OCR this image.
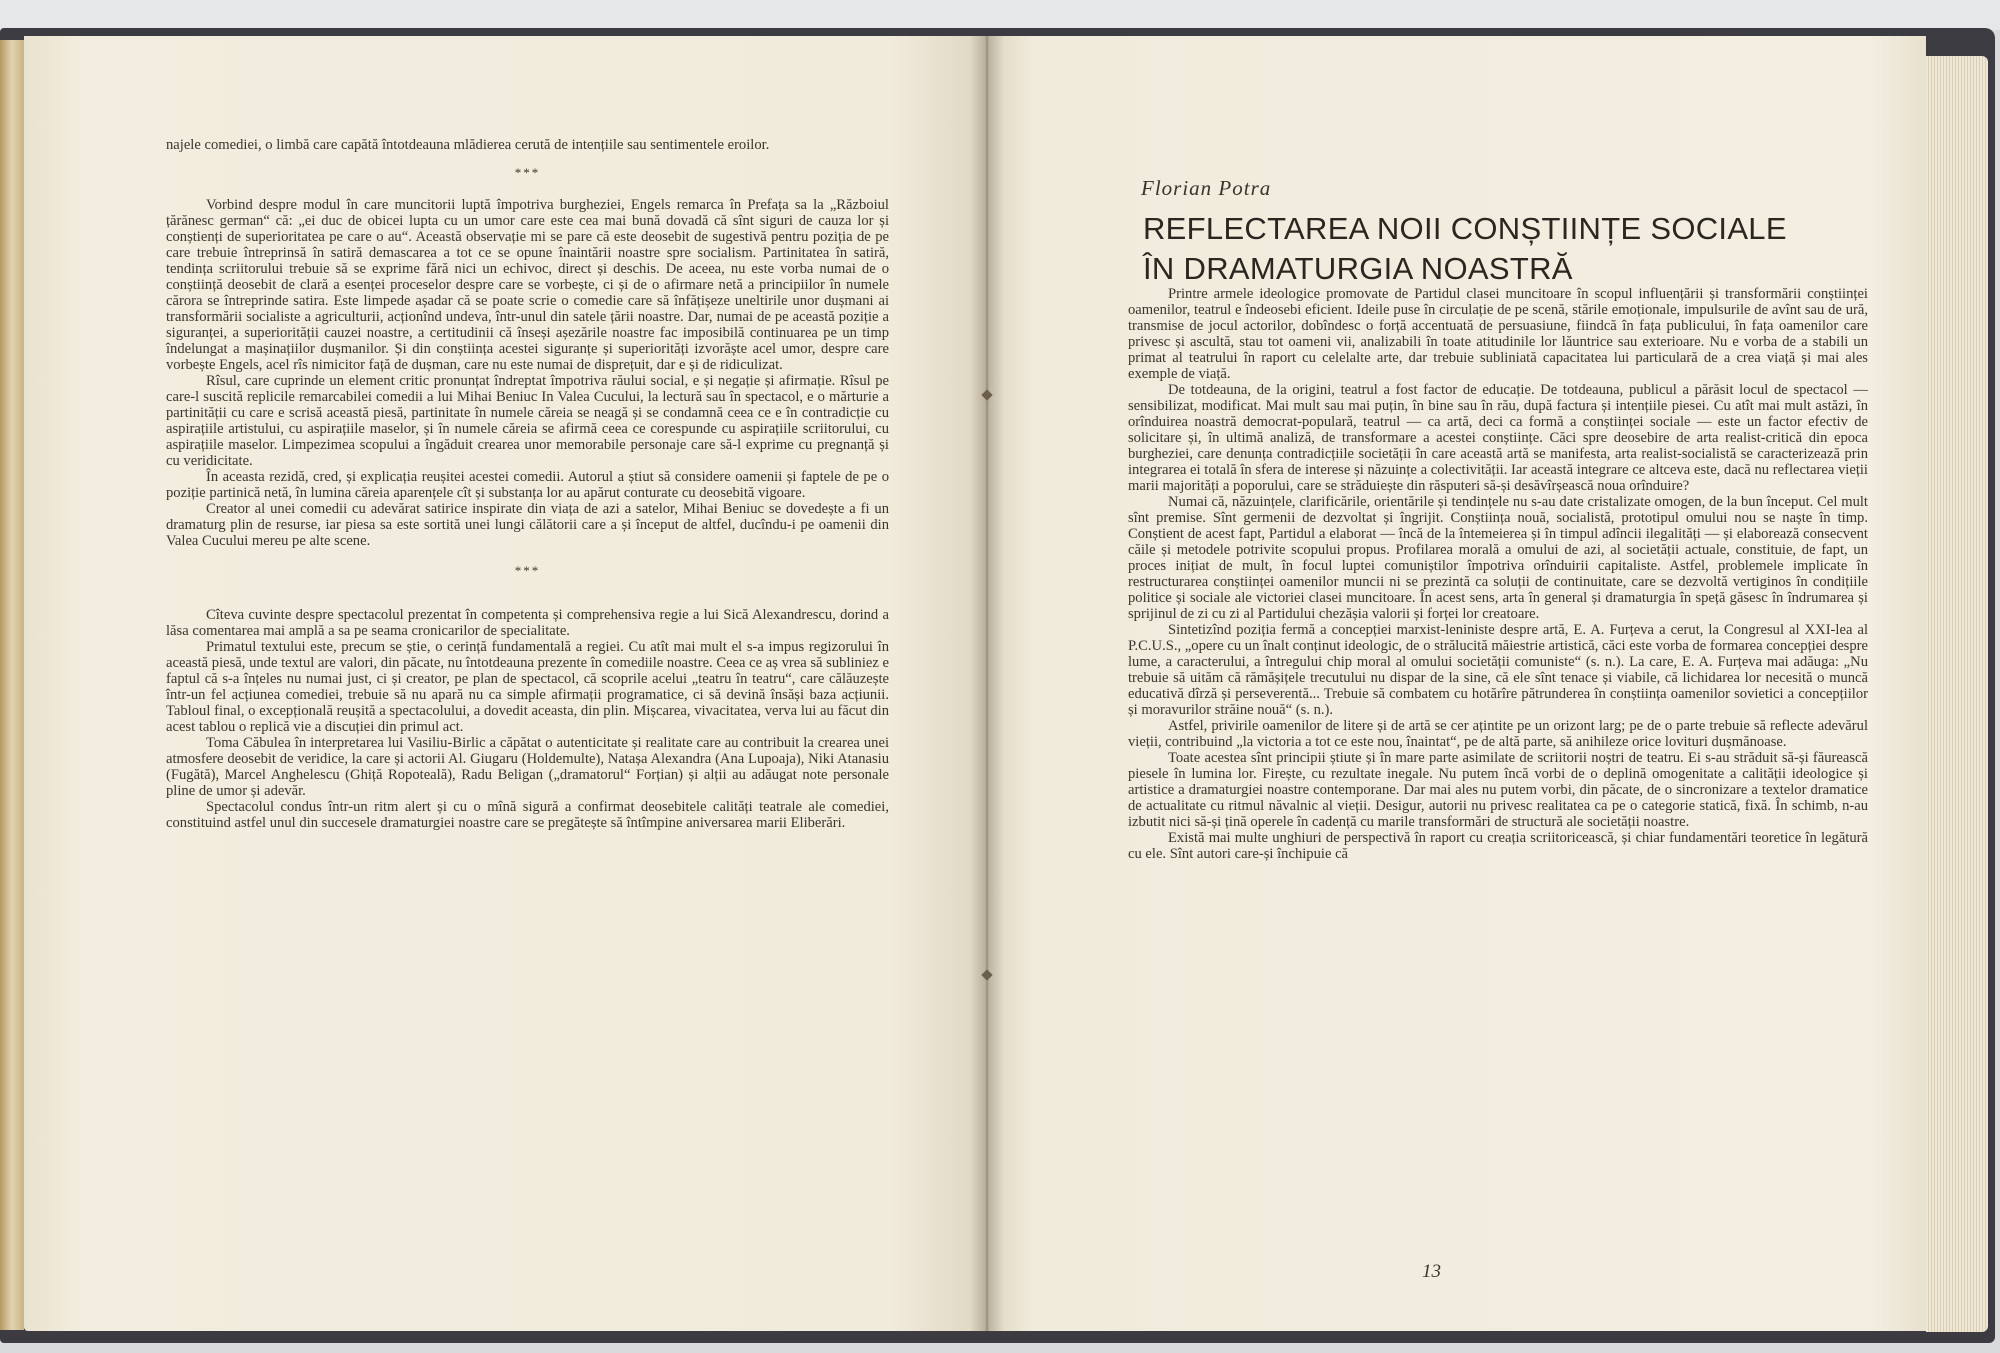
najele comediei, o limbă care capătă întotdeauna mlădierea cerută de intențiile sau sentimentele eroilor.

***

Vorbind despre modul în care muncitorii luptă împotriva burgheziei, Engels remarca în Prefața sa la „Războiul țărănesc german“ că: „ei duc de obicei lupta cu un umor care este cea mai bună dovadă că sînt siguri de cauza lor și conștienți de superioritatea pe care o au“. Această observație mi se pare că este deosebit de sugestivă pentru poziția de pe care trebuie întreprinsă în satiră demascarea a tot ce se opune înaintării noastre spre socialism. Partinitatea în satiră, tendința scriitorului trebuie să se exprime fără nici un echivoc, direct și deschis. De aceea, nu este vorba numai de o conștiință deosebit de clară a esenței proceselor despre care se vorbește, ci și de o afirmare netă a principiilor în numele cărora se întreprinde satira. Este limpede așadar că se poate scrie o comedie care să înfățișeze uneltirile unor dușmani ai transformării socialiste a agriculturii, acționînd undeva, într-unul din satele țării noastre. Dar, numai de pe această poziție a siguranței, a superiorității cauzei noastre, a certitudinii că înseși așezările noastre fac imposibilă continuarea pe un timp îndelungat a mașinațiilor dușmanilor. Și din conștiința acestei siguranțe și superiorități izvorăște acel umor, despre care vorbește Engels, acel rîs nimicitor față de dușman, care nu este numai de disprețuit, dar e și de ridiculizat.

Rîsul, care cuprinde un element critic pronunțat îndreptat împotriva răului social, e și negație și afirmație. Rîsul pe care-l suscită replicile remarcabilei comedii a lui Mihai Beniuc In Valea Cucului, la lectură sau în spectacol, e o mărturie a partinității cu care e scrisă această piesă, partinitate în numele căreia se neagă și se condamnă ceea ce e în contradicție cu aspirațiile artistului, cu aspirațiile maselor, și în numele căreia se afirmă ceea ce corespunde cu aspirațiile scriitorului, cu aspirațiile maselor. Limpezimea scopului a îngăduit crearea unor memorabile personaje care să-l exprime cu pregnanță și cu veridicitate.

În aceasta rezidă, cred, și explicația reușitei acestei comedii. Autorul a știut să considere oamenii și faptele de pe o poziție partinică netă, în lumina căreia aparențele cît și substanța lor au apărut conturate cu deosebită vigoare.

Creator al unei comedii cu adevărat satirice inspirate din viața de azi a satelor, Mihai Beniuc se dovedește a fi un dramaturg plin de resurse, iar piesa sa este sortită unei lungi călătorii care a și început de altfel, ducîndu-i pe oamenii din Valea Cucului mereu pe alte scene.

***

Cîteva cuvinte despre spectacolul prezentat în competenta și comprehensiva regie a lui Sică Alexandrescu, dorind a lăsa comentarea mai amplă a sa pe seama cronicarilor de specialitate.

Primatul textului este, precum se știe, o cerință fundamentală a regiei. Cu atît mai mult el s-a impus regizorului în această piesă, unde textul are valori, din păcate, nu întotdeauna prezente în comediile noastre. Ceea ce aș vrea să subliniez e faptul că s-a înțeles nu numai just, ci și creator, pe plan de spectacol, că scoprile acelui „teatru în teatru“, care călăuzește într-un fel acțiunea comediei, trebuie să nu apară nu ca simple afirmații programatice, ci să devină însăși baza acțiunii. Tabloul final, o excepțională reușită a spectacolului, a dovedit aceasta, din plin. Mișcarea, vivacitatea, verva lui au făcut din acest tablou o replică vie a discuției din primul act.

Toma Căbulea în interpretarea lui Vasiliu-Birlic a căpătat o autenticitate și realitate care au contribuit la crearea unei atmosfere deosebit de veridice, la care și actorii Al. Giugaru (Holdemulte), Natașa Alexandra (Ana Lupoaja), Niki Atanasiu (Fugătă), Marcel Anghelescu (Ghiță Ropoteală), Radu Beligan („dramatorul“ Forțian) și alții au adăugat note personale pline de umor și adevăr.

Spectacolul condus într-un ritm alert și cu o mînă sigură a confirmat deosebitele calități teatrale ale comediei, constituind astfel unul din succesele dramaturgiei noastre care se pregătește să întîmpine aniversarea marii Eliberări.

Florian Potra
REFLECTAREA NOII CONȘTIINȚE SOCIALE
ÎN DRAMATURGIA NOASTRĂ

Printre armele ideologice promovate de Partidul clasei muncitoare în scopul influențării și transformării conștiinței oamenilor, teatrul e îndeosebi eficient. Ideile puse în circulație de pe scenă, stările emoționale, impulsurile de avînt sau de ură, transmise de jocul actorilor, dobîndesc o forță accentuată de persuasiune, fiindcă în fața publicului, în fața oamenilor care privesc și ascultă, stau tot oameni vii, analizabili în toate atitudinile lor lăuntrice sau exterioare. Nu e vorba de a stabili un primat al teatrului în raport cu celelalte arte, dar trebuie subliniată capacitatea lui particulară de a crea viață și mai ales exemple de viață.

De totdeauna, de la origini, teatrul a fost factor de educație. De totdeauna, publicul a părăsit locul de spectacol — sensibilizat, modificat. Mai mult sau mai puțin, în bine sau în rău, după factura și intențiile piesei. Cu atît mai mult astăzi, în orînduirea noastră democrat-populară, teatrul — ca artă, deci ca formă a conștiinței sociale — este un factor efectiv de solicitare și, în ultimă analiză, de transformare a acestei conștiințe. Căci spre deosebire de arta realist-critică din epoca burgheziei, care denunța contradicțiile societății în care această artă se manifesta, arta realist-socialistă se caracterizează prin integrarea ei totală în sfera de interese și năzuințe a colectivității. Iar această integrare ce altceva este, dacă nu reflectarea vieții marii majorități a poporului, care se străduiește din răsputeri să-și desăvîrșească noua orînduire?

Numai că, năzuințele, clarificările, orientările și tendințele nu s-au date cristalizate omogen, de la bun început. Cel mult sînt premise. Sînt germenii de dezvoltat și îngrijit. Conștiința nouă, socialistă, prototipul omului nou se naște în timp. Conștient de acest fapt, Partidul a elaborat — încă de la întemeierea și în timpul adîncii ilegalități — și elaborează consecvent căile și metodele potrivite scopului propus. Profilarea morală a omului de azi, al societății actuale, constituie, de fapt, un proces inițiat de mult, în focul luptei comuniștilor împotriva orînduirii capitaliste. Astfel, problemele implicate în restructurarea conștiinței oamenilor muncii ni se prezintă ca soluții de continuitate, care se dezvoltă vertiginos în condițiile politice și sociale ale victoriei clasei muncitoare. În acest sens, arta în general și dramaturgia în speță găsesc în îndrumarea și sprijinul de zi cu zi al Partidului chezășia valorii și forței lor creatoare.

Sintetizînd poziția fermă a concepției marxist-leniniste despre artă, E. A. Furțeva a cerut, la Congresul al XXI-lea al P.C.U.S., „opere cu un înalt conținut ideologic, de o strălucită măiestrie artistică, căci este vorba de formarea concepției despre lume, a caracterului, a întregului chip moral al omului societății comuniste“ (s. n.). La care, E. A. Furțeva mai adăuga: „Nu trebuie să uităm că rămășițele trecutului nu dispar de la sine, că ele sînt tenace și viabile, că lichidarea lor necesită o muncă educativă dîrză și perseverentă... Trebuie să combatem cu hotărîre pătrunderea în conștiința oamenilor sovietici a concepțiilor și moravurilor străine nouă“ (s. n.).

Astfel, privirile oamenilor de litere și de artă se cer ațintite pe un orizont larg; pe de o parte trebuie să reflecte adevărul vieții, contribuind „la victoria a tot ce este nou, înaintat“, pe de altă parte, să anihileze orice lovituri dușmănoase.

Toate acestea sînt principii știute și în mare parte asimilate de scriitorii noștri de teatru. Ei s-au străduit să-și făurească piesele în lumina lor. Firește, cu rezultate inegale. Nu putem încă vorbi de o deplină omogenitate a calității ideologice și artistice a dramaturgiei noastre contemporane. Dar mai ales nu putem vorbi, din păcate, de o sincronizare a textelor dramatice de actualitate cu ritmul năvalnic al vieții. Desigur, autorii nu privesc realitatea ca pe o categorie statică, fixă. În schimb, n-au izbutit nici să-și țină operele în cadență cu marile transformări de structură ale societății noastre.

Există mai multe unghiuri de perspectivă în raport cu creația scriitoricească, și chiar fundamentări teoretice în legătură cu ele. Sînt autori care-și închipuie că

13
